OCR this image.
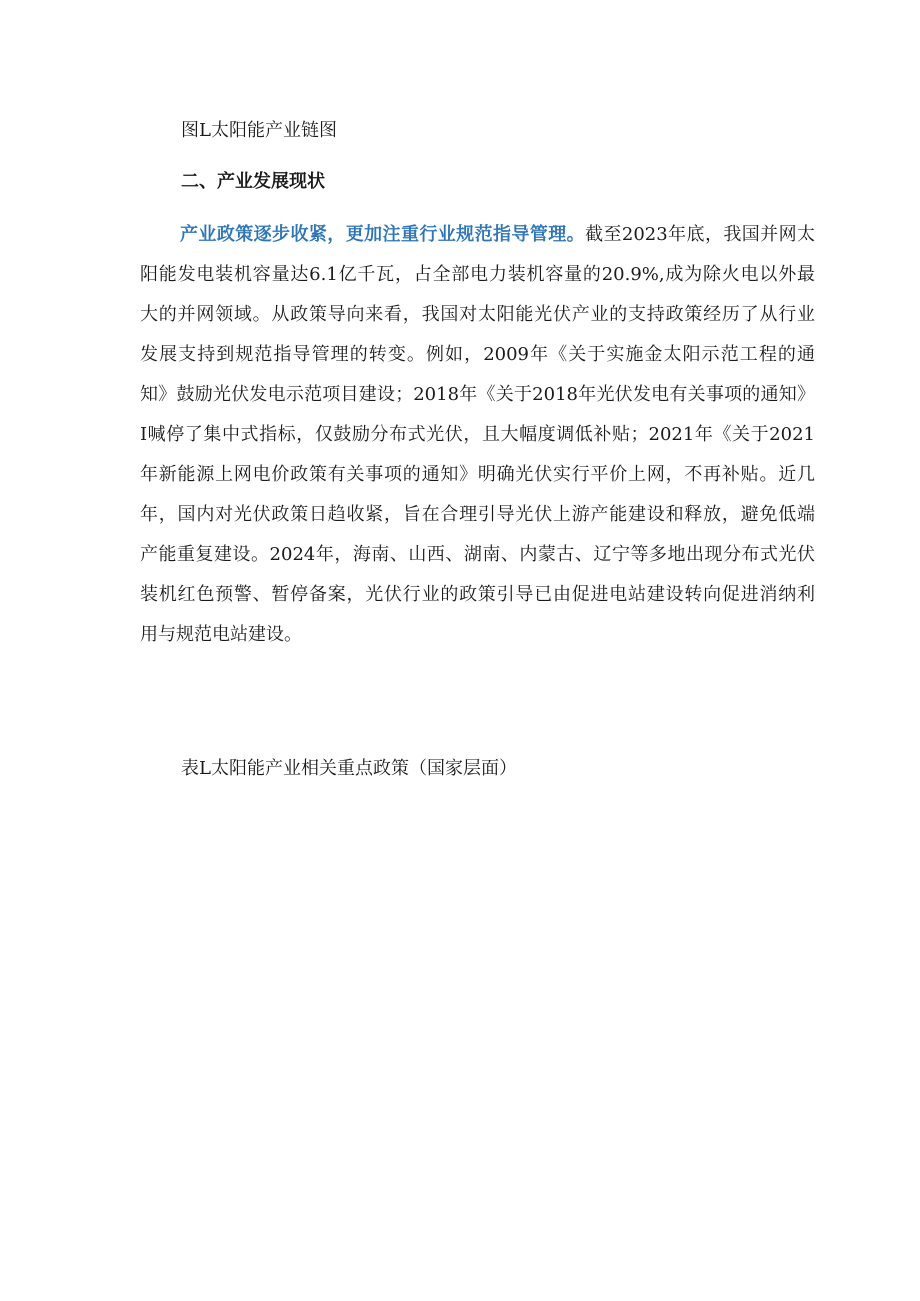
图L太阳能产业链图
二、产业发展现状
产业政策逐步收紧，更加注重行业规范指导管理。截至2023年底，我国并网太
阳能发电装机容量达6.1亿千瓦，占全部电力装机容量的20.9%,成为除火电以外最
大的并网领域。从政策导向来看，我国对太阳能光伏产业的支持政策经历了从行业
发展支持到规范指导管理的转变。例如，2009年《关于实施金太阳示范工程的通
知》鼓励光伏发电示范项目建设；2018年《关于2018年光伏发电有关事项的通知》
I喊停了集中式指标，仅鼓励分布式光伏，且大幅度调低补贴；2021年《关于2021
年新能源上网电价政策有关事项的通知》明确光伏实行平价上网，不再补贴。近几
年，国内对光伏政策日趋收紧，旨在合理引导光伏上游产能建设和释放，避免低端
产能重复建设。2024年，海南、山西、湖南、内蒙古、辽宁等多地出现分布式光伏
装机红色预警、暂停备案，光伏行业的政策引导已由促进电站建设转向促进消纳利
用与规范电站建设。
表L太阳能产业相关重点政策（国家层面）
